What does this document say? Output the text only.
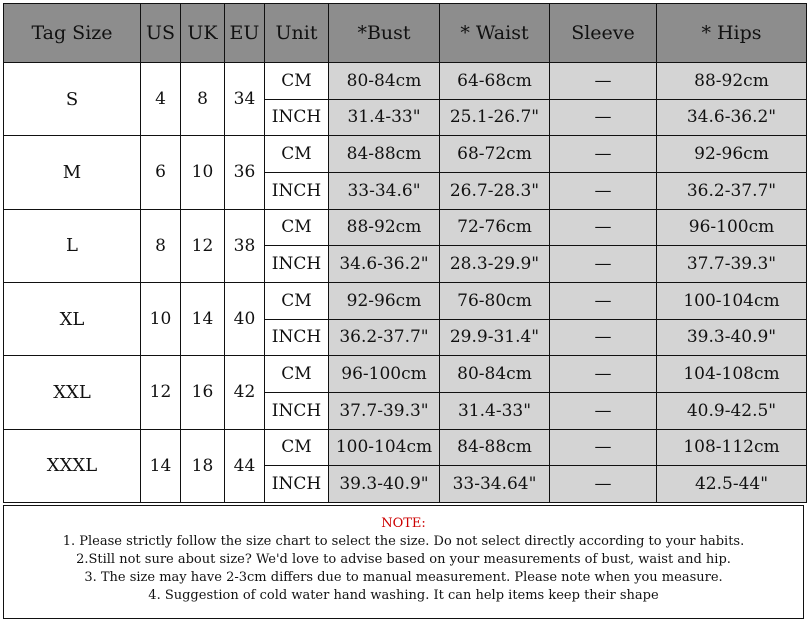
Tag Size	US	UK	EU	Unit	*Bust	* Waist	Sleeve	* Hips
S	4	8	34	CM	80-84cm	64-68cm	—	88-92cm
				INCH	31.4-33"	25.1-26.7"	—	34.6-36.2"
M	6	10	36	CM	84-88cm	68-72cm	—	92-96cm
				INCH	33-34.6"	26.7-28.3"	—	36.2-37.7"
L	8	12	38	CM	88-92cm	72-76cm	—	96-100cm
				INCH	34.6-36.2"	28.3-29.9"	—	37.7-39.3"
XL	10	14	40	CM	92-96cm	76-80cm	—	100-104cm
				INCH	36.2-37.7"	29.9-31.4"	—	39.3-40.9"
XXL	12	16	42	CM	96-100cm	80-84cm	—	104-108cm
				INCH	37.7-39.3"	31.4-33"	—	40.9-42.5"
XXXL	14	18	44	CM	100-104cm	84-88cm	—	108-112cm
				INCH	39.3-40.9"	33-34.64"	—	42.5-44"
NOTE:
1. Please strictly follow the size chart to select the size. Do not select directly according to your habits.
2.Still not sure about size? We'd love to advise based on your measurements of bust, waist and hip.
3. The size may have 2-3cm differs due to manual measurement. Please note when you measure.
4. Suggestion of cold water hand washing. It can help items keep their shape
